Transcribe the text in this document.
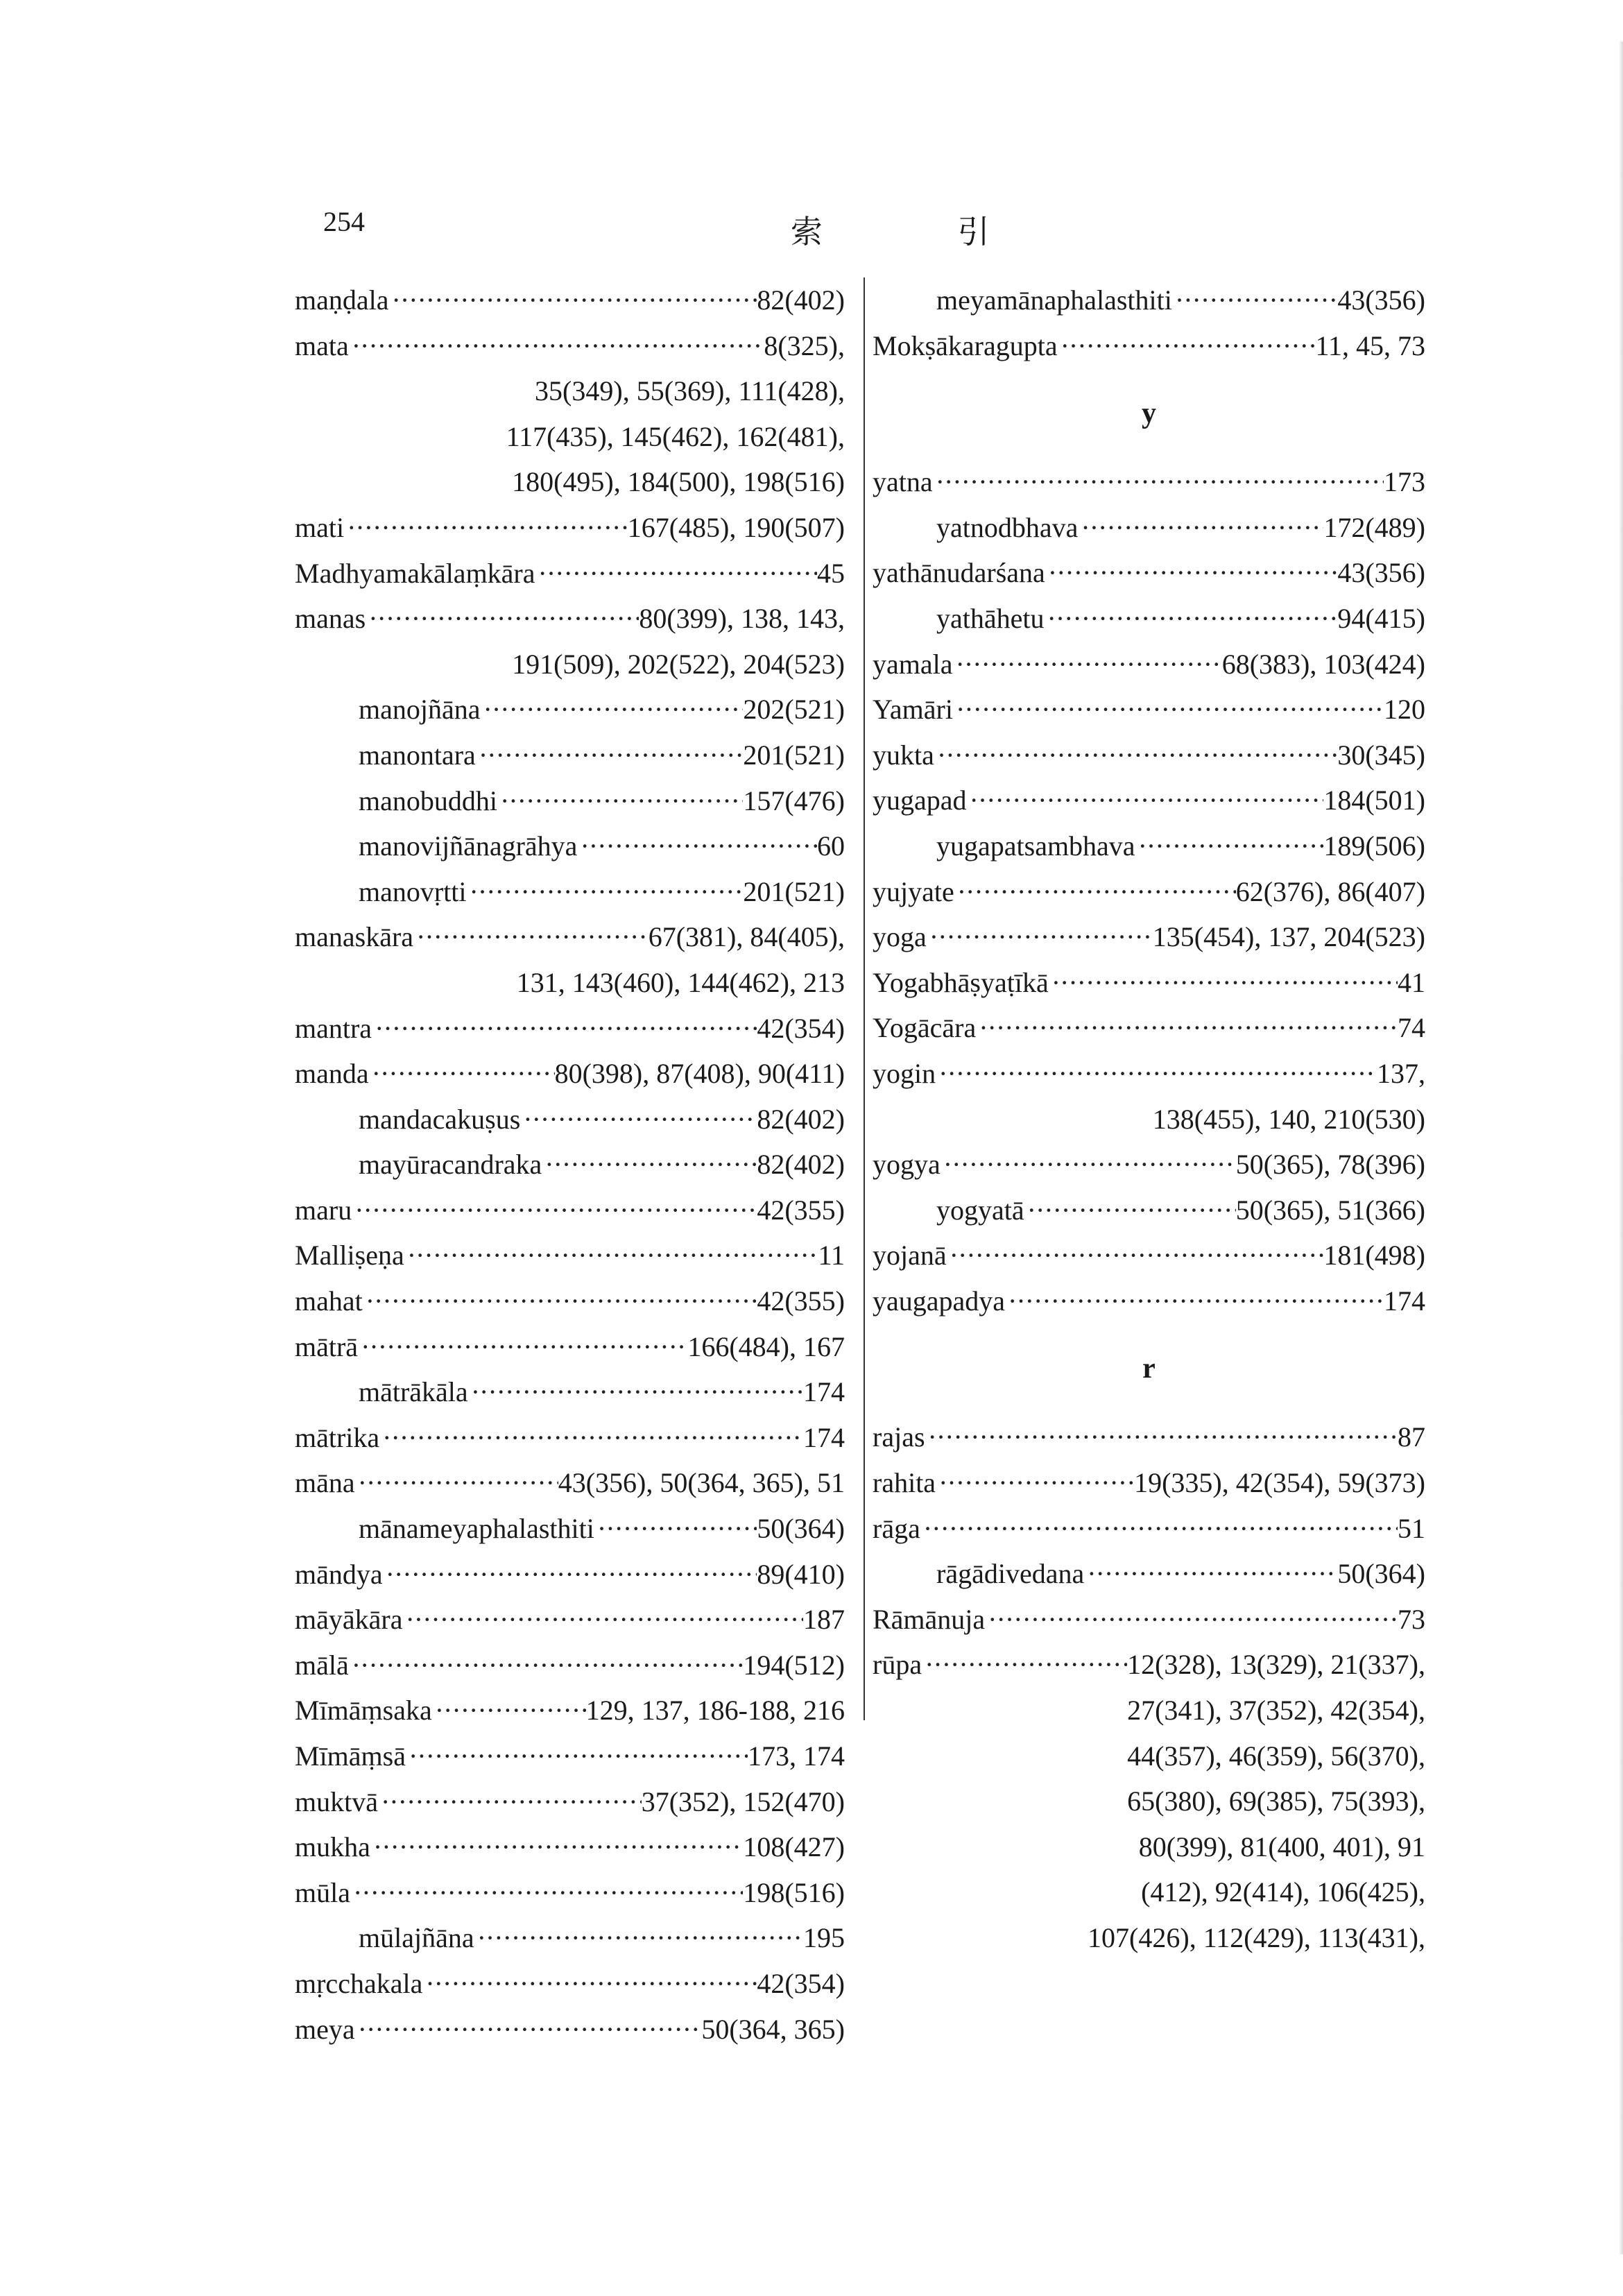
254	索 引
maṇḍala ·····	82(402)
mata ·····	8(325),
35(349), 55(369), 111(428),
117(435), 145(462), 162(481),
180(495), 184(500), 198(516)
mati ·····	167(485), 190(507)
Madhyamakālaṃkāra ·····	45
manas ·····	80(399), 138, 143,
191(509), 202(522), 204(523)
manojñāna ·····	202(521)
manontara ·····	201(521)
manobuddhi ·····	157(476)
manovijñānagrāhya ·····	60
manovṛtti ·····	201(521)
manaskāra ·····	67(381), 84(405),
131, 143(460), 144(462), 213
mantra ·····	42(354)
manda ·····	80(398), 87(408), 90(411)
mandacakuṣus ·····	82(402)
mayūracandraka ·····	82(402)
maru ·····	42(355)
Malliṣeṇa ·····	11
mahat ·····	42(355)
mātrā ·····	166(484), 167
mātrākāla ·····	174
mātrika ·····	174
māna ·····	43(356), 50(364, 365), 51
mānameyaphalasthiti ·····	50(364)
māndya ·····	89(410)
māyākāra ·····	187
mālā ·····	194(512)
Mīmāṃsaka ·····	129, 137, 186-188, 216
Mīmāṃsā ·····	173, 174
muktvā ·····	37(352), 152(470)
mukha ·····	108(427)
mūla ·····	198(516)
mūlajñāna ·····	195
mṛcchakala ·····	42(354)
meya ·····	50(364, 365)
meyamānaphalasthiti ·····	43(356)
Mokṣākaragupta ·····	11, 45, 73
y
yatna ·····	173
yatnodbhava ·····	172(489)
yathānudarśana ·····	43(356)
yathāhetu ·····	94(415)
yamala ·····	68(383), 103(424)
Yamāri ·····	120
yukta ·····	30(345)
yugapad ·····	184(501)
yugapatsambhava ·····	189(506)
yujyate ·····	62(376), 86(407)
yoga ·····	135(454), 137, 204(523)
Yogabhāṣyaṭīkā ·····	41
Yogācāra ·····	74
yogin ·····	137,
138(455), 140, 210(530)
yogya ·····	50(365), 78(396)
yogyatā ·····	50(365), 51(366)
yojanā ·····	181(498)
yaugapadya ·····	174
r
rajas ·····	87
rahita ·····	19(335), 42(354), 59(373)
rāga ·····	51
rāgādivedana ·····	50(364)
Rāmānuja ·····	73
rūpa ·····	12(328), 13(329), 21(337),
27(341), 37(352), 42(354),
44(357), 46(359), 56(370),
65(380), 69(385), 75(393),
80(399), 81(400, 401), 91
(412), 92(414), 106(425),
107(426), 112(429), 113(431),
